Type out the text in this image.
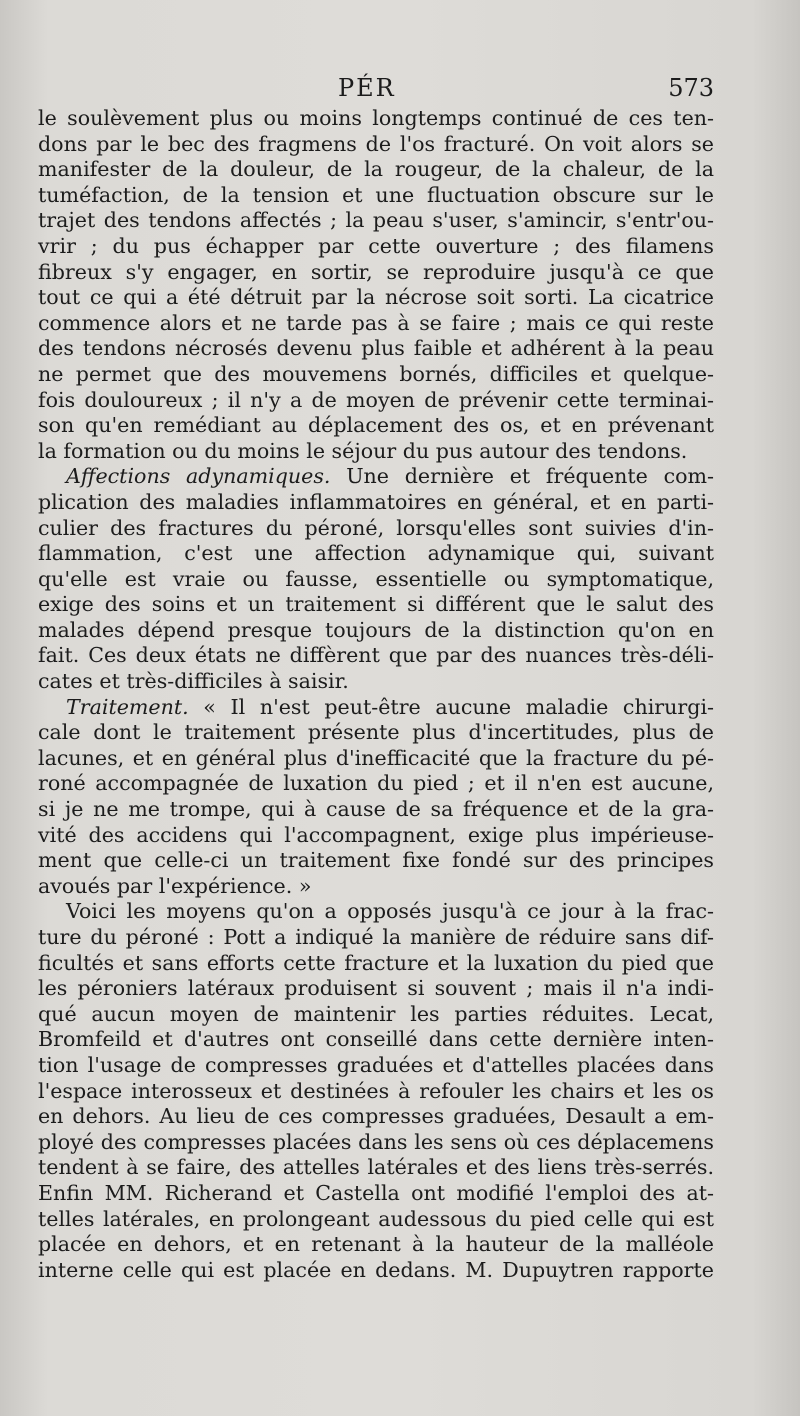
PÉR	573
le soulèvement plus ou moins longtemps continué de ces ten-
dons par le bec des fragmens de l'os fracturé. On voit alors se
manifester de la douleur, de la rougeur, de la chaleur, de la
tuméfaction, de la tension et une fluctuation obscure sur le
trajet des tendons affectés ; la peau s'user, s'amincir, s'entr'ou-
vrir ; du pus échapper par cette ouverture ; des filamens
fibreux s'y engager, en sortir, se reproduire jusqu'à ce que
tout ce qui a été détruit par la nécrose soit sorti. La cicatrice
commence alors et ne tarde pas à se faire ; mais ce qui reste
des tendons nécrosés devenu plus faible et adhérent à la peau
ne permet que des mouvemens bornés, difficiles et quelque-
fois douloureux ; il n'y a de moyen de prévenir cette terminai-
son qu'en remédiant au déplacement des os, et en prévenant
la formation ou du moins le séjour du pus autour des tendons.
Affections adynamiques. Une dernière et fréquente com-
plication des maladies inflammatoires en général, et en parti-
culier des fractures du péroné, lorsqu'elles sont suivies d'in-
flammation, c'est une affection adynamique qui, suivant
qu'elle est vraie ou fausse, essentielle ou symptomatique,
exige des soins et un traitement si différent que le salut des
malades dépend presque toujours de la distinction qu'on en
fait. Ces deux états ne diffèrent que par des nuances très-déli-
cates et très-difficiles à saisir.
Traitement. « Il n'est peut-être aucune maladie chirurgi-
cale dont le traitement présente plus d'incertitudes, plus de
lacunes, et en général plus d'inefficacité que la fracture du pé-
roné accompagnée de luxation du pied ; et il n'en est aucune,
si je ne me trompe, qui à cause de sa fréquence et de la gra-
vité des accidens qui l'accompagnent, exige plus impérieuse-
ment que celle-ci un traitement fixe fondé sur des principes
avoués par l'expérience. »
Voici les moyens qu'on a opposés jusqu'à ce jour à la frac-
ture du péroné : Pott a indiqué la manière de réduire sans dif-
ficultés et sans efforts cette fracture et la luxation du pied que
les péroniers latéraux produisent si souvent ; mais il n'a indi-
qué aucun moyen de maintenir les parties réduites. Lecat,
Bromfeild et d'autres ont conseillé dans cette dernière inten-
tion l'usage de compresses graduées et d'attelles placées dans
l'espace interosseux et destinées à refouler les chairs et les os
en dehors. Au lieu de ces compresses graduées, Desault a em-
ployé des compresses placées dans les sens où ces déplacemens
tendent à se faire, des attelles latérales et des liens très-serrés.
Enfin MM. Richerand et Castella ont modifié l'emploi des at-
telles latérales, en prolongeant audessous du pied celle qui est
placée en dehors, et en retenant à la hauteur de la malléole
interne celle qui est placée en dedans. M. Dupuytren rapporte
